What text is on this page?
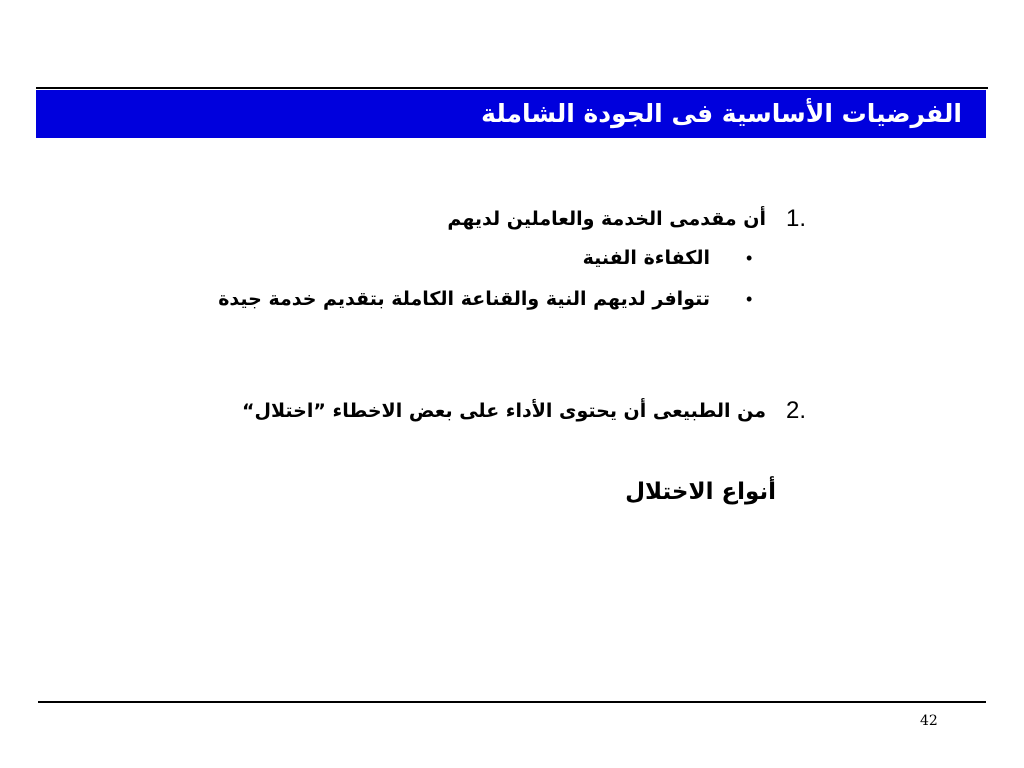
الفرضيات الأساسية فى الجودة الشاملة
1.
أن مقدمى الخدمة والعاملين لديهم
•
الكفاءة الفنية
•
تتوافر لديهم النية والقناعة الكاملة بتقديم خدمة جيدة
2.
من الطبيعى أن يحتوى الأداء على بعض الاخطاء ”اختلال“
أنواع الاختلال
42
